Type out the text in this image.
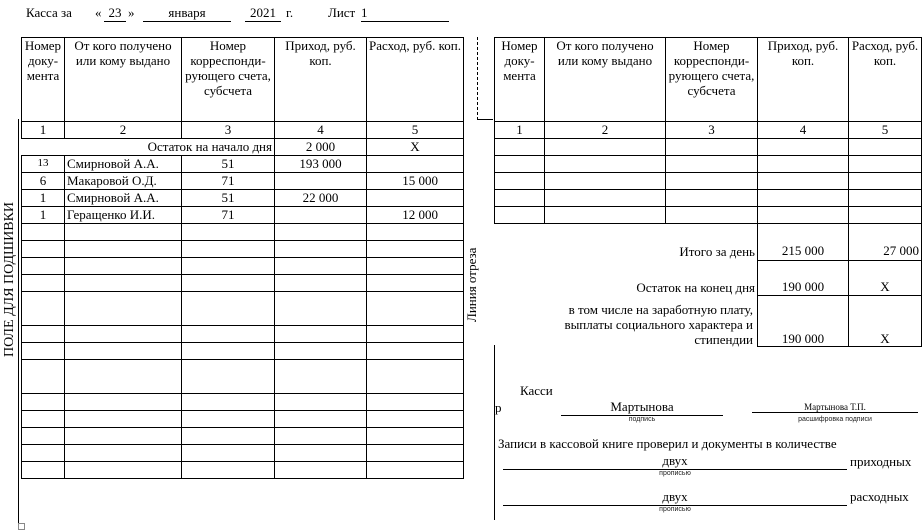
Касса за « 23 »	января	2021 г.	Лист 1
ПОЛЕ ДЛЯ ПОДШИВКИ
Номер доку-мента	От кого получено или кому выдано	Номер корреспонди-рующего счета, субсчета	Приход, руб. коп.	Расход, руб. коп.
1	2	3	4	5
Остаток на начало дня			2 000	Х
13	Смирновой А.А.	51	193 000	
6	Макаровой О.Д.	71		15 000
1	Смирновой А.А.	51	22 000	
1	Геращенко И.И.	71		12 000

Линия отреза
Номер доку-мента	От кого получено или кому выдано	Номер корреспонди-рующего счета, субсчета	Приход, руб. коп.	Расход, руб. коп.
1	2	3	4	5

Итого за день			215 000	27 000
Остаток на конец дня			190 000	Х

в том числе на заработную плату,
выплаты социального характера и
стипендии			190 000	Х
Касси
р	Мартынова
подпись
Мартынова Т.П.
расшифровка подписи
Записи в кассовой книге проверил и документы в количестве
двух
прописью
приходных
двух
прописью
расходных
